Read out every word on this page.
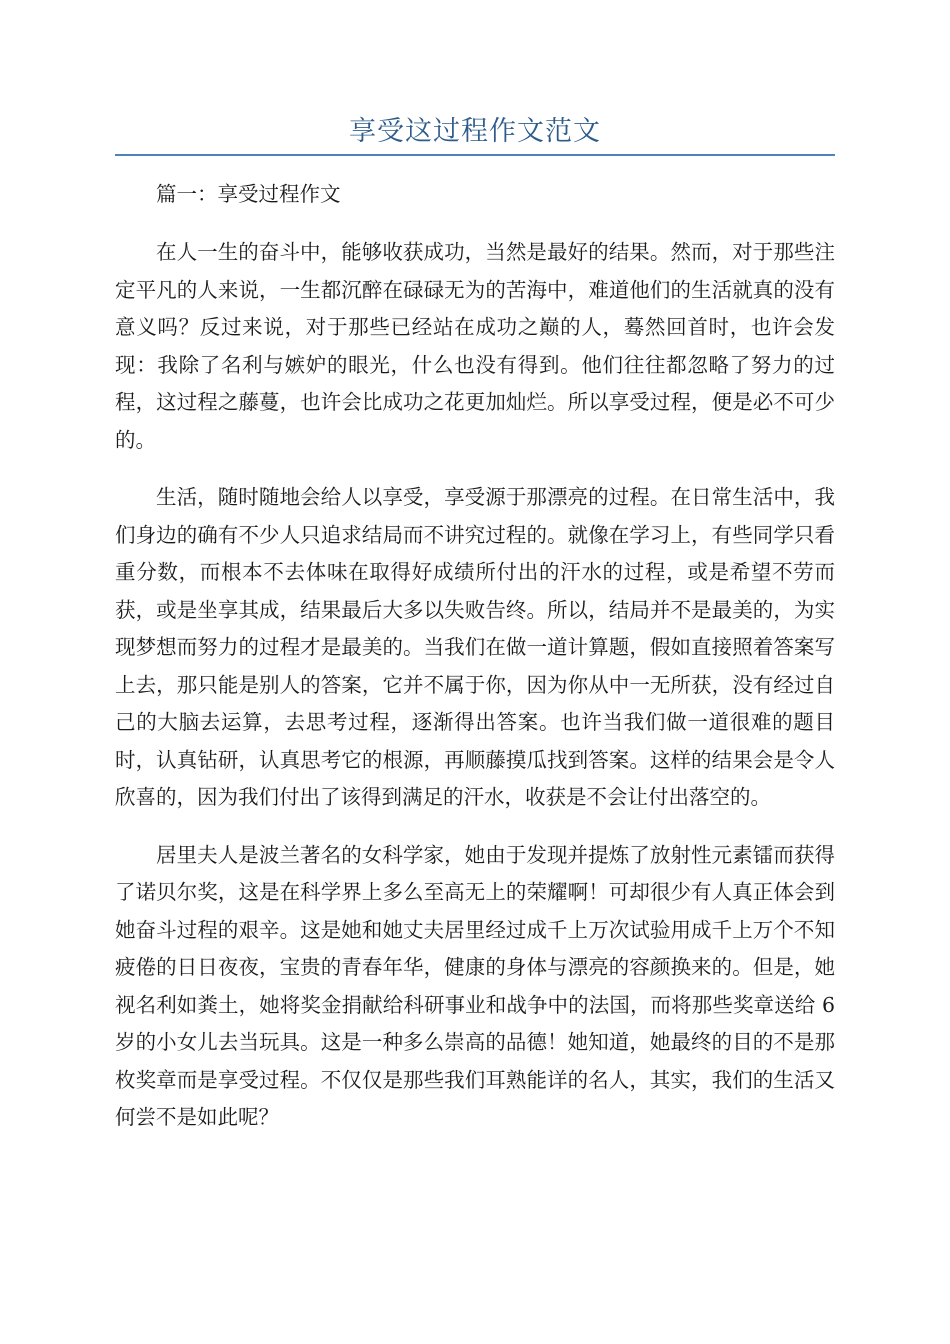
享受这过程作文范文

篇一：享受过程作文

在人一生的奋斗中，能够收获成功，当然是最好的结果。然而，对于那些注定平凡的人来说，一生都沉醉在碌碌无为的苦海中，难道他们的生活就真的没有意义吗？反过来说，对于那些已经站在成功之巅的人，蓦然回首时，也许会发现：我除了名利与嫉妒的眼光，什么也没有得到。他们往往都忽略了努力的过程，这过程之藤蔓，也许会比成功之花更加灿烂。所以享受过程，便是必不可少的。

生活，随时随地会给人以享受，享受源于那漂亮的过程。在日常生活中，我们身边的确有不少人只追求结局而不讲究过程的。就像在学习上，有些同学只看重分数，而根本不去体味在取得好成绩所付出的汗水的过程，或是希望不劳而获，或是坐享其成，结果最后大多以失败告终。所以，结局并不是最美的，为实现梦想而努力的过程才是最美的。当我们在做一道计算题，假如直接照着答案写上去，那只能是别人的答案，它并不属于你，因为你从中一无所获，没有经过自己的大脑去运算，去思考过程，逐渐得出答案。也许当我们做一道很难的题目时，认真钻研，认真思考它的根源，再顺藤摸瓜找到答案。这样的结果会是令人欣喜的，因为我们付出了该得到满足的汗水，收获是不会让付出落空的。

居里夫人是波兰著名的女科学家，她由于发现并提炼了放射性元素镭而获得了诺贝尔奖，这是在科学界上多么至高无上的荣耀啊！可却很少有人真正体会到她奋斗过程的艰辛。这是她和她丈夫居里经过成千上万次试验用成千上万个不知疲倦的日日夜夜，宝贵的青春年华，健康的身体与漂亮的容颜换来的。但是，她视名利如粪土，她将奖金捐献给科研事业和战争中的法国，而将那些奖章送给 6 岁的小女儿去当玩具。这是一种多么崇高的品德！她知道，她最终的目的不是那枚奖章而是享受过程。不仅仅是那些我们耳熟能详的名人，其实，我们的生活又何尝不是如此呢？
